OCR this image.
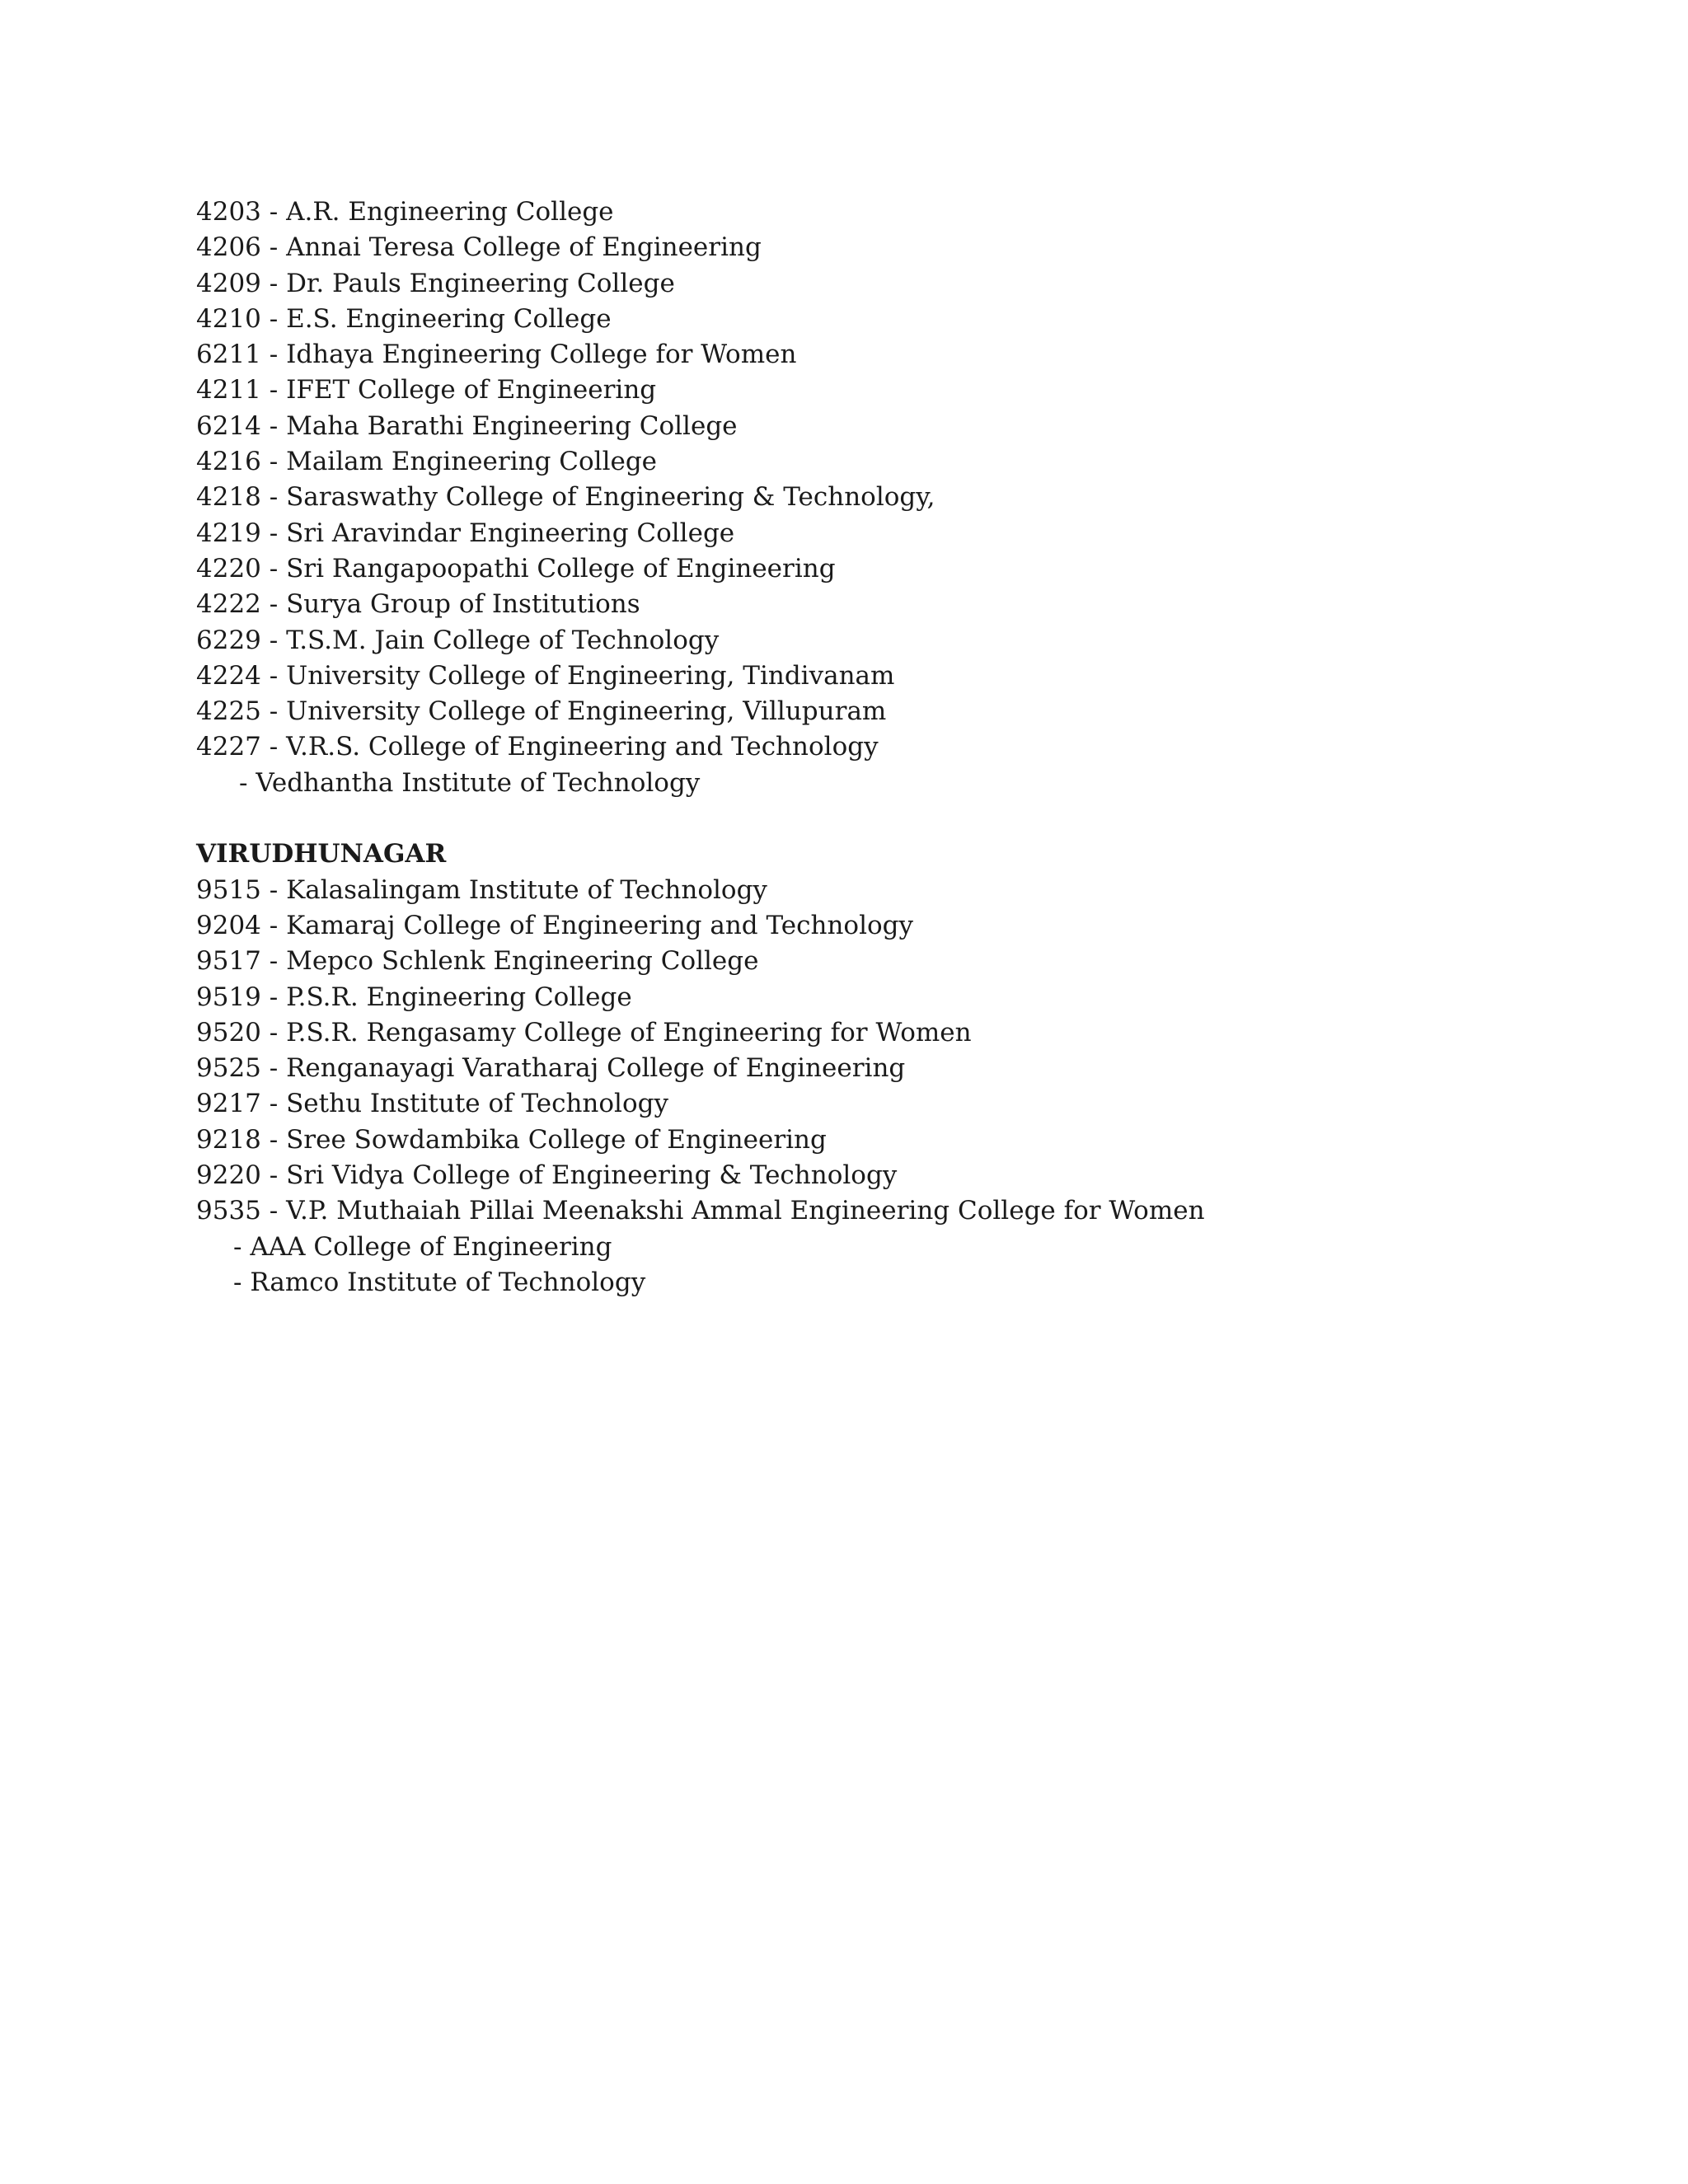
4203 - A.R. Engineering College
4206 - Annai Teresa College of Engineering
4209 - Dr. Pauls Engineering College
4210 - E.S. Engineering College
6211 - Idhaya Engineering College for Women
4211 - IFET College of Engineering
6214 - Maha Barathi Engineering College
4216 - Mailam Engineering College
4218 - Saraswathy College of Engineering & Technology,
4219 - Sri Aravindar Engineering College
4220 - Sri Rangapoopathi College of Engineering
4222 - Surya Group of Institutions
6229 - T.S.M. Jain College of Technology
4224 - University College of Engineering, Tindivanam
4225 - University College of Engineering, Villupuram
4227 - V.R.S. College of Engineering and Technology
- Vedhantha Institute of Technology
VIRUDHUNAGAR
9515 - Kalasalingam Institute of Technology
9204 - Kamaraj College of Engineering and Technology
9517 - Mepco Schlenk Engineering College
9519 - P.S.R. Engineering College
9520 - P.S.R. Rengasamy College of Engineering for Women
9525 - Renganayagi Varatharaj College of Engineering
9217 - Sethu Institute of Technology
9218 - Sree Sowdambika College of Engineering
9220 - Sri Vidya College of Engineering & Technology
9535 - V.P. Muthaiah Pillai Meenakshi Ammal Engineering College for Women
- AAA College of Engineering
- Ramco Institute of Technology
